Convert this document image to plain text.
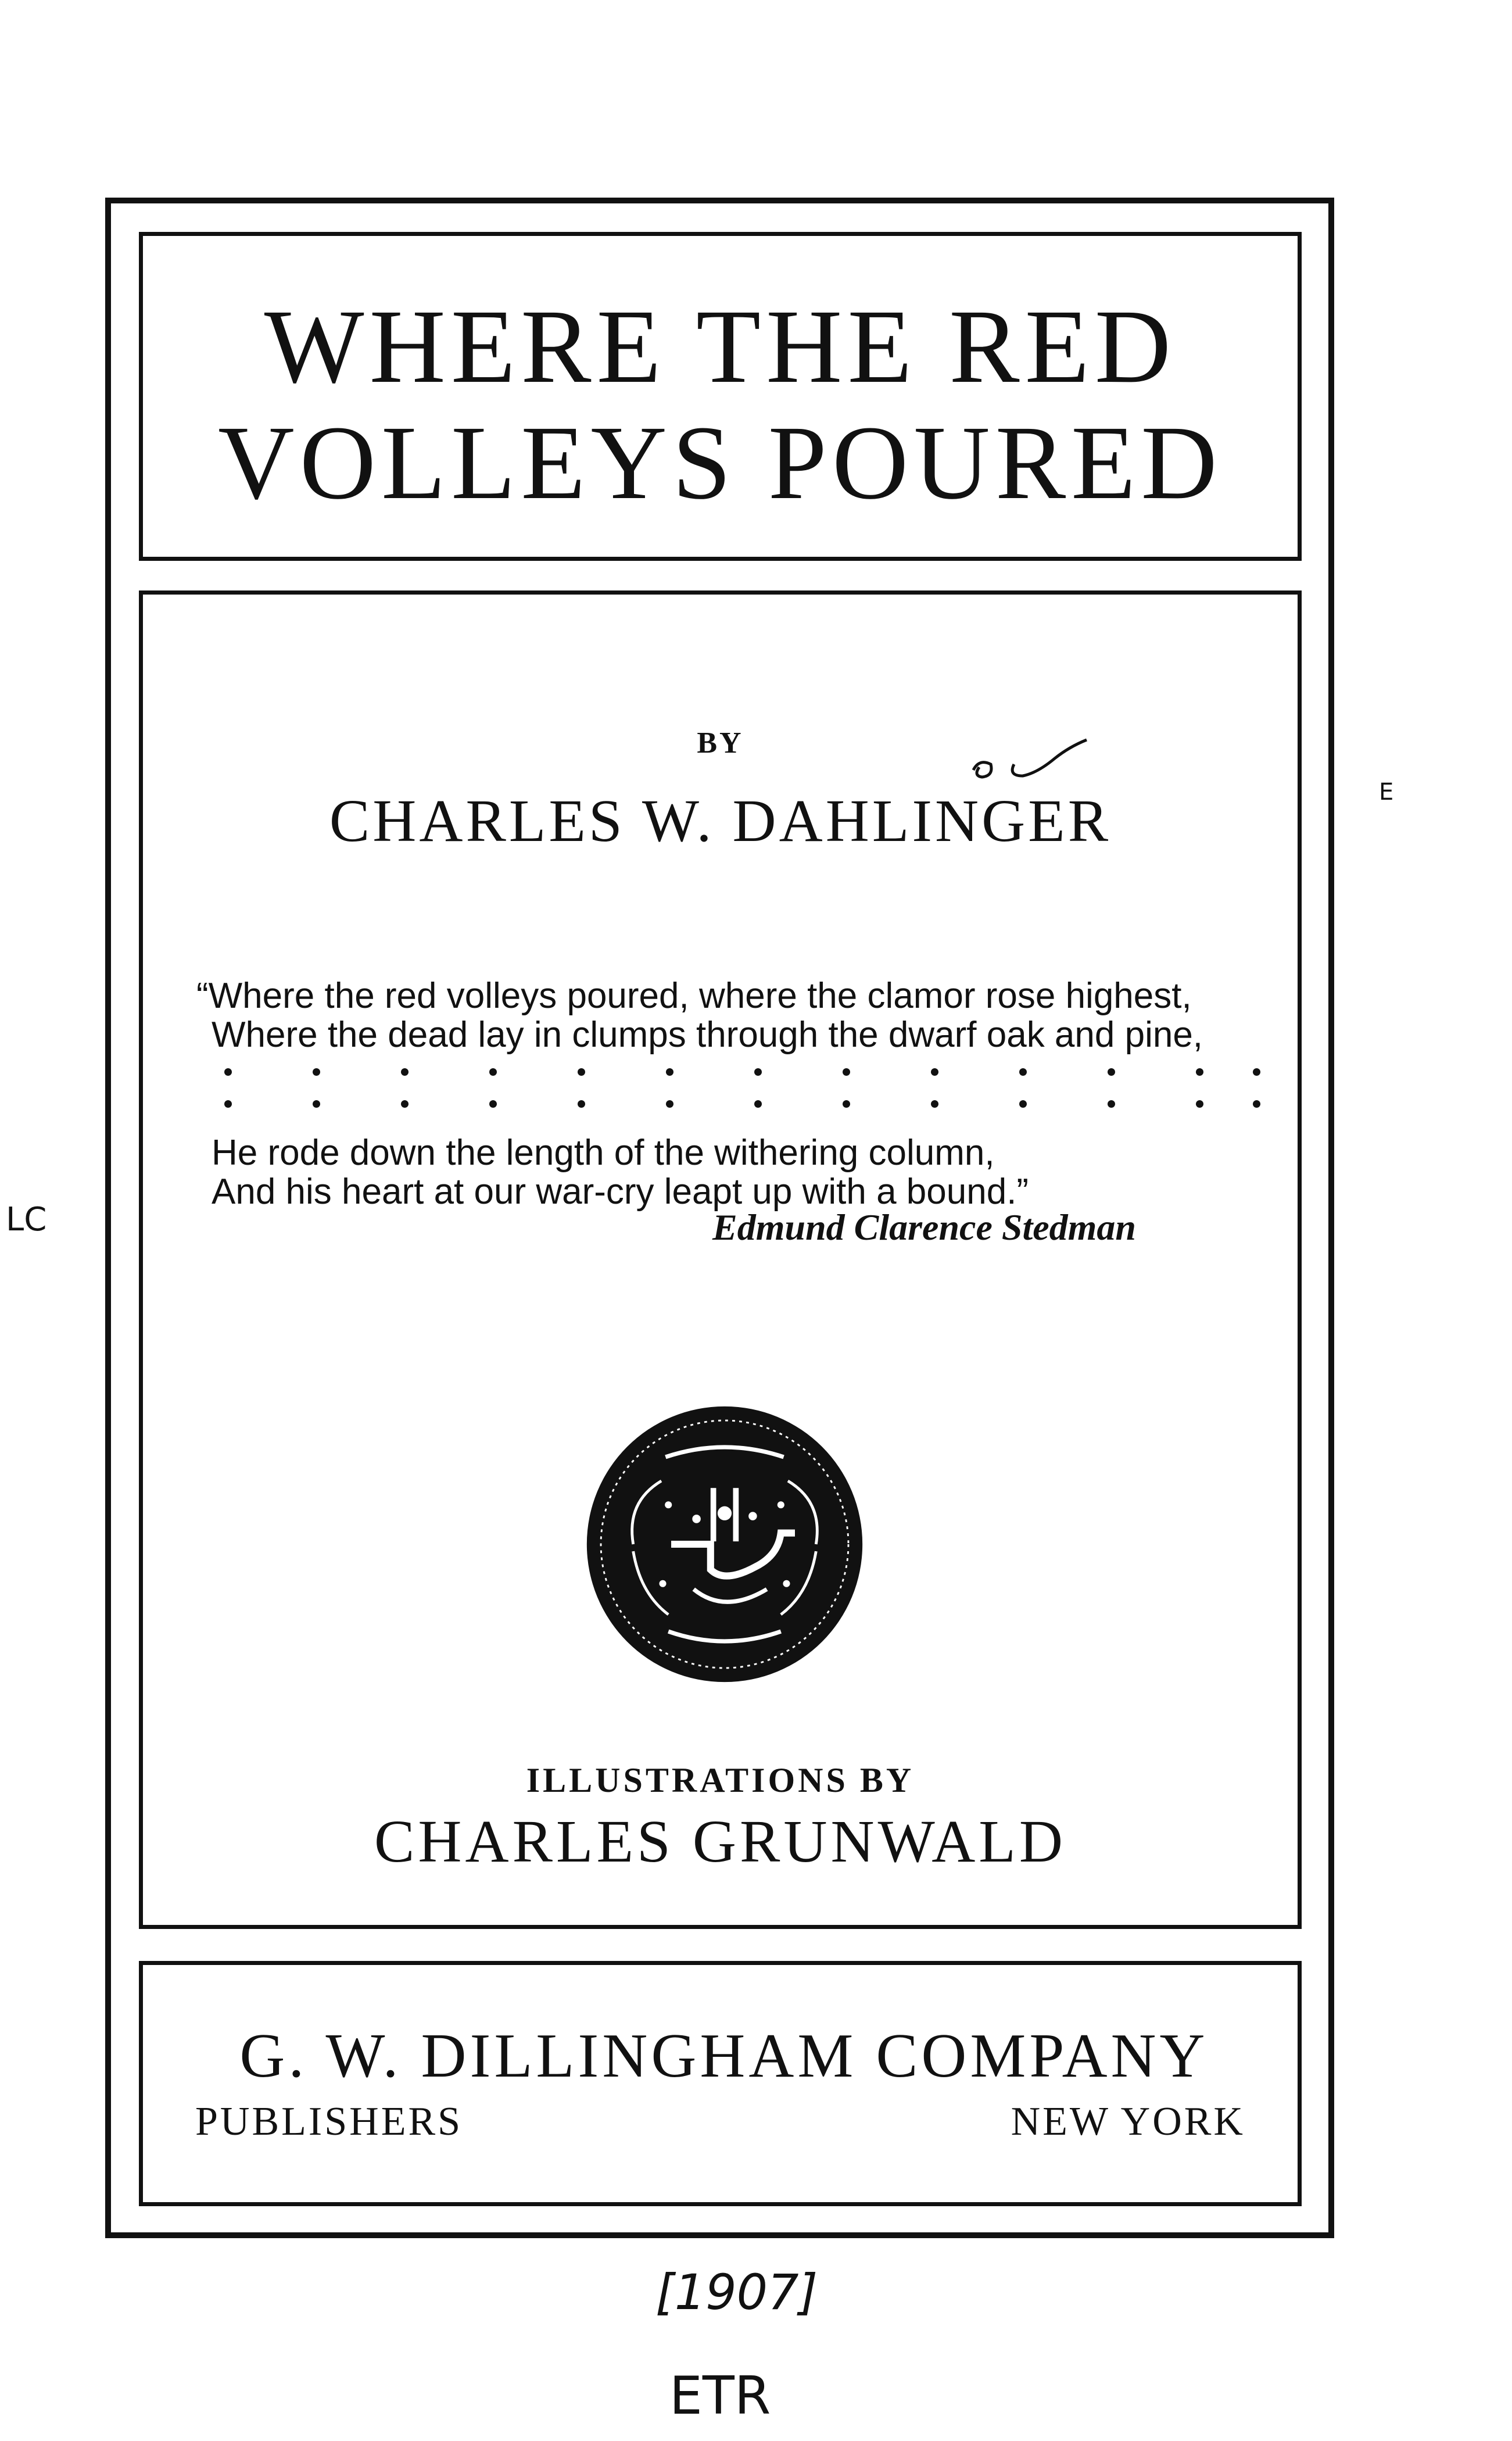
WHERE THE RED
VOLLEYS POURED
BY
CHARLES W. DAHLINGER
“Where the red volleys poured, where the clamor rose highest,
Where the dead lay in clumps through the dwarf oak and pine,
He rode down the length of the withering column,
And his heart at our war-cry leapt up with a bound.”
Edmund Clarence Stedman
ILLUSTRATIONS BY
CHARLES GRUNWALD
G. W. DILLINGHAM COMPANY
PUBLISHERS	NEW YORK
LC
E
[1907]
ETR
